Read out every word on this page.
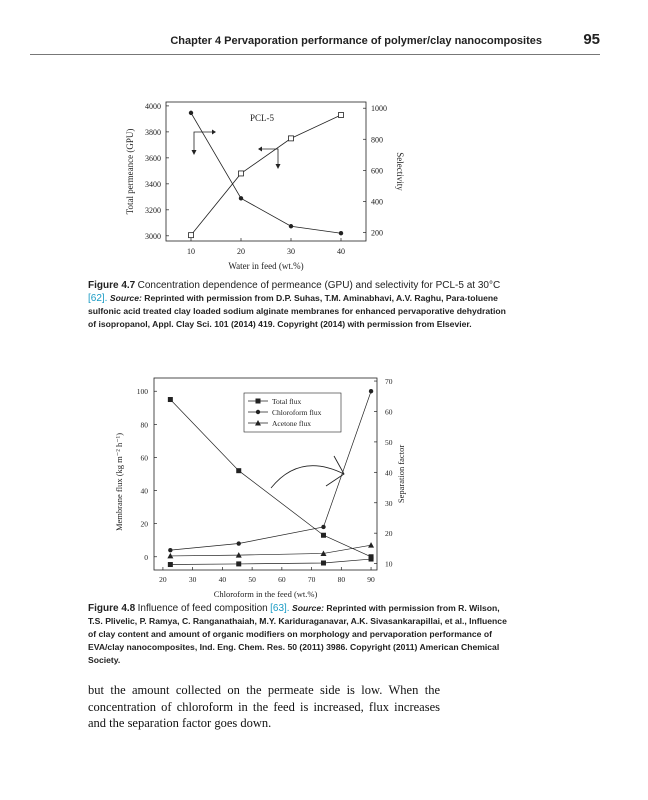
Chapter 4 Pervaporation performance of polymer/clay nanocomposites	95
10	20	30	40
3000
3200
3400
3600
3800
4000
200
400
600
800
1000
Water in feed (wt.%)
Total permeance (GPU)	Selectivity
PCL-5
Figure 4.7 Concentration dependence of permeance (GPU) and selectivity for PCL-5 at 30°C [62]. Source: Reprinted with permission from D.P. Suhas, T.M. Aminabhavi, A.V. Raghu, Para-toluene sulfonic acid treated clay loaded sodium alginate membranes for enhanced pervaporative dehydration of isopropanol, Appl. Clay Sci. 101 (2014) 419. Copyright (2014) with permission from Elsevier.
20	30	40	50	60	70	80	90
0
20
40
60
80
100
10
20
30
40
50
60
70
Chloroform in the feed (wt.%)
Membrane flux (kg m⁻² h⁻¹)	Separation factor
Total flux
Chloroform flux
Acetone flux
Figure 4.8 Influence of feed composition [63]. Source: Reprinted with permission from R. Wilson, T.S. Plivelic, P. Ramya, C. Ranganathaiah, M.Y. Kariduraganavar, A.K. Sivasankarapillai, et al., Influence of clay content and amount of organic modifiers on morphology and pervaporation performance of EVA/clay nanocomposites, Ind. Eng. Chem. Res. 50 (2011) 3986. Copyright (2011) American Chemical Society.
but the amount collected on the permeate side is low. When the concentration of chloroform in the feed is increased, flux increases and the separation factor goes down.
